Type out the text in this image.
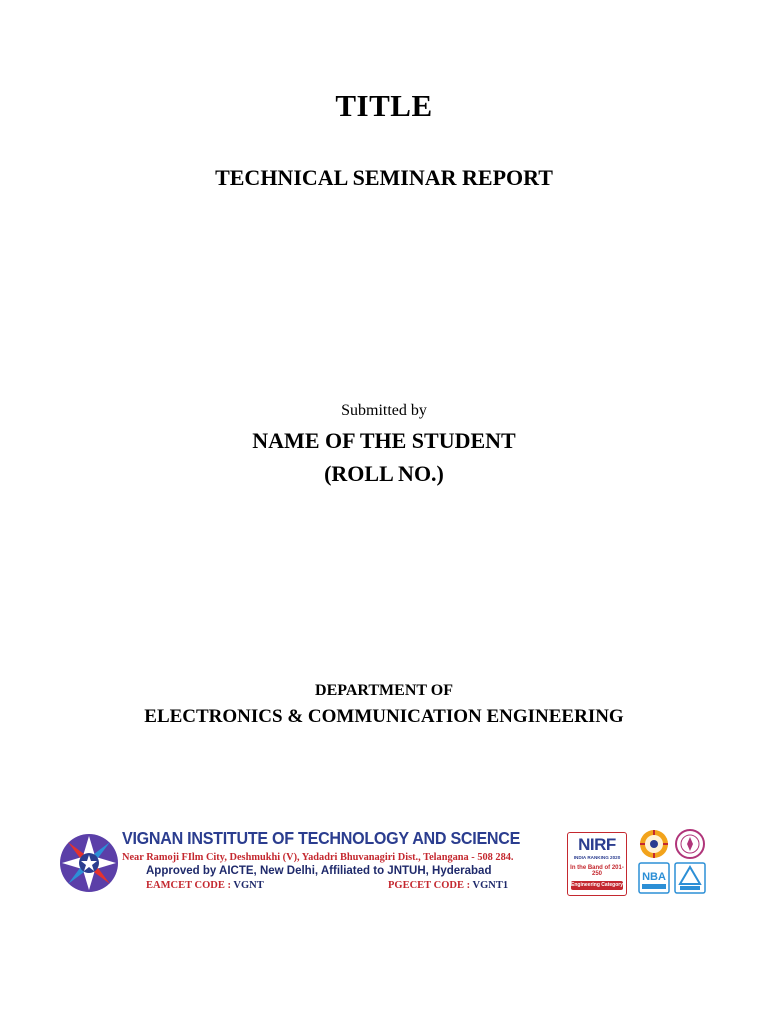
TITLE
TECHNICAL SEMINAR REPORT
Submitted by
NAME OF THE STUDENT
(ROLL NO.)
DEPARTMENT OF
ELECTRONICS & COMMUNICATION ENGINEERING
VIGNAN INSTITUTE OF TECHNOLOGY AND SCIENCE
Near Ramoji FIlm City, Deshmukhi (V), Yadadri Bhuvanagiri Dist., Telangana - 508 284.
Approved by AICTE, New Delhi, Affiliated to JNTUH, Hyderabad
EAMCET CODE : VGNT	PGECET CODE : VGNT1
NIRF
INDIA RANKING 2020
In the Band of 201-250
Engineering Category
NBA
